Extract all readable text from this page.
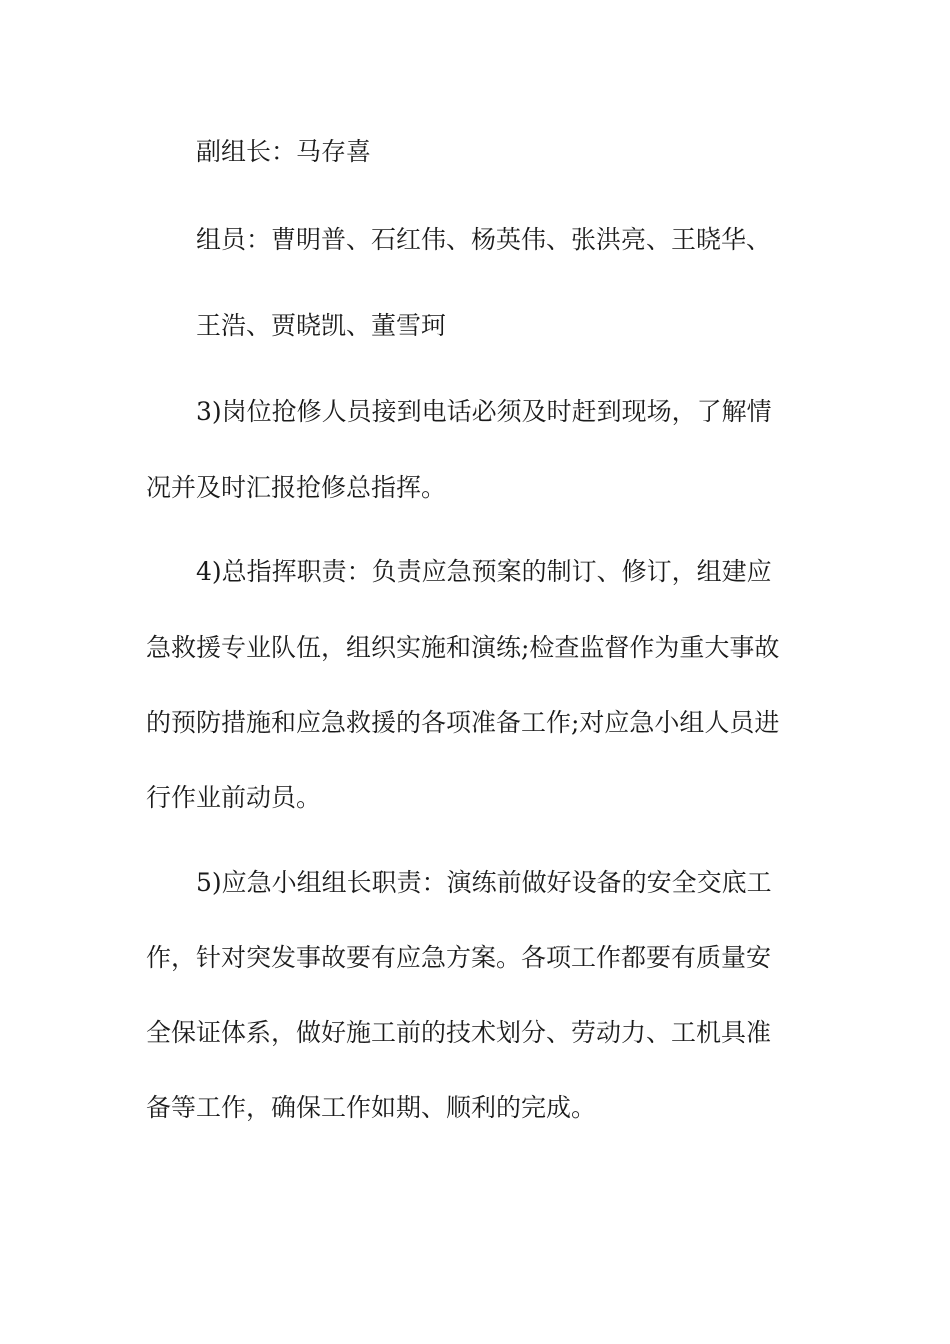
副组长：马存喜

组员：曹明普、石红伟、杨英伟、张洪亮、王晓华、

王浩、贾晓凯、董雪珂

3)岗位抢修人员接到电话必须及时赶到现场，了解情

况并及时汇报抢修总指挥。

4)总指挥职责：负责应急预案的制订、修订，组建应

急救援专业队伍，组织实施和演练;检查监督作为重大事故

的预防措施和应急救援的各项准备工作;对应急小组人员进

行作业前动员。

5)应急小组组长职责：演练前做好设备的安全交底工

作，针对突发事故要有应急方案。各项工作都要有质量安

全保证体系，做好施工前的技术划分、劳动力、工机具准

备等工作，确保工作如期、顺利的完成。
